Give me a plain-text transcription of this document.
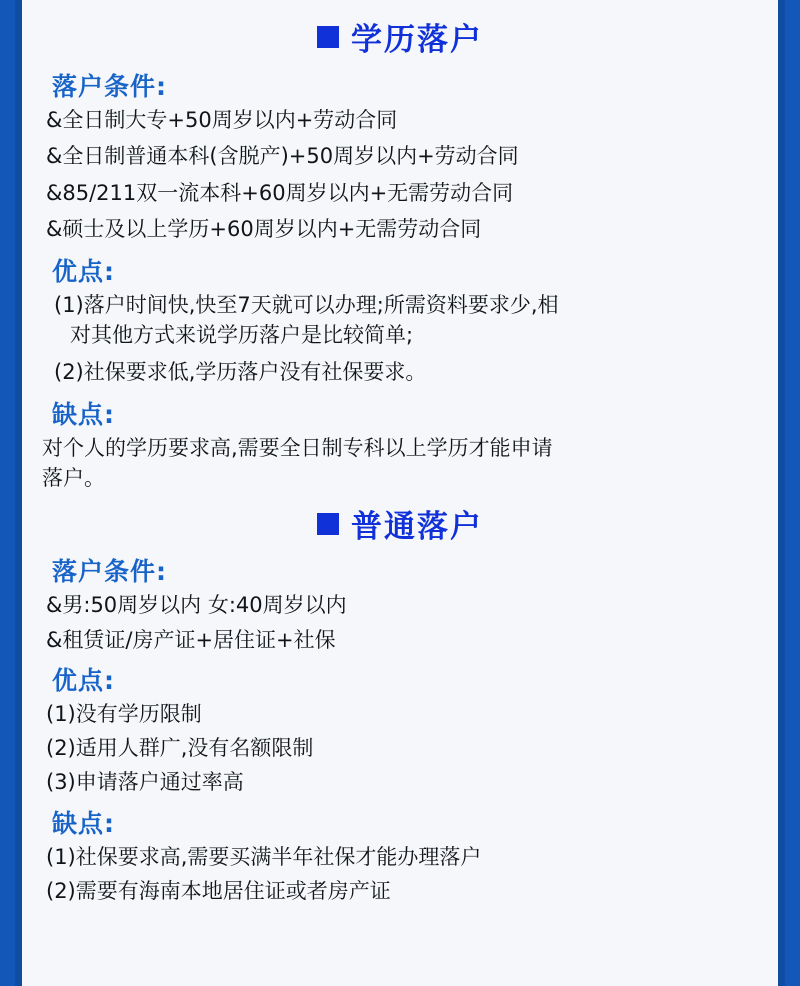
学历落户
落户条件:
&全日制大专+50周岁以内+劳动合同
&全日制普通本科(含脱产)+50周岁以内+劳动合同
&85/211双一流本科+60周岁以内+无需劳动合同
&硕士及以上学历+60周岁以内+无需劳动合同
优点:
(1)落户时间快,快至7天就可以办理;所需资料要求少,相
对其他方式来说学历落户是比较简单;
(2)社保要求低,学历落户没有社保要求。
缺点:
对个人的学历要求高,需要全日制专科以上学历才能申请
落户。
普通落户
落户条件:
&男:50周岁以内 女:40周岁以内
&租赁证/房产证+居住证+社保
优点:
(1)没有学历限制
(2)适用人群广,没有名额限制
(3)申请落户通过率高
缺点:
(1)社保要求高,需要买满半年社保才能办理落户
(2)需要有海南本地居住证或者房产证
